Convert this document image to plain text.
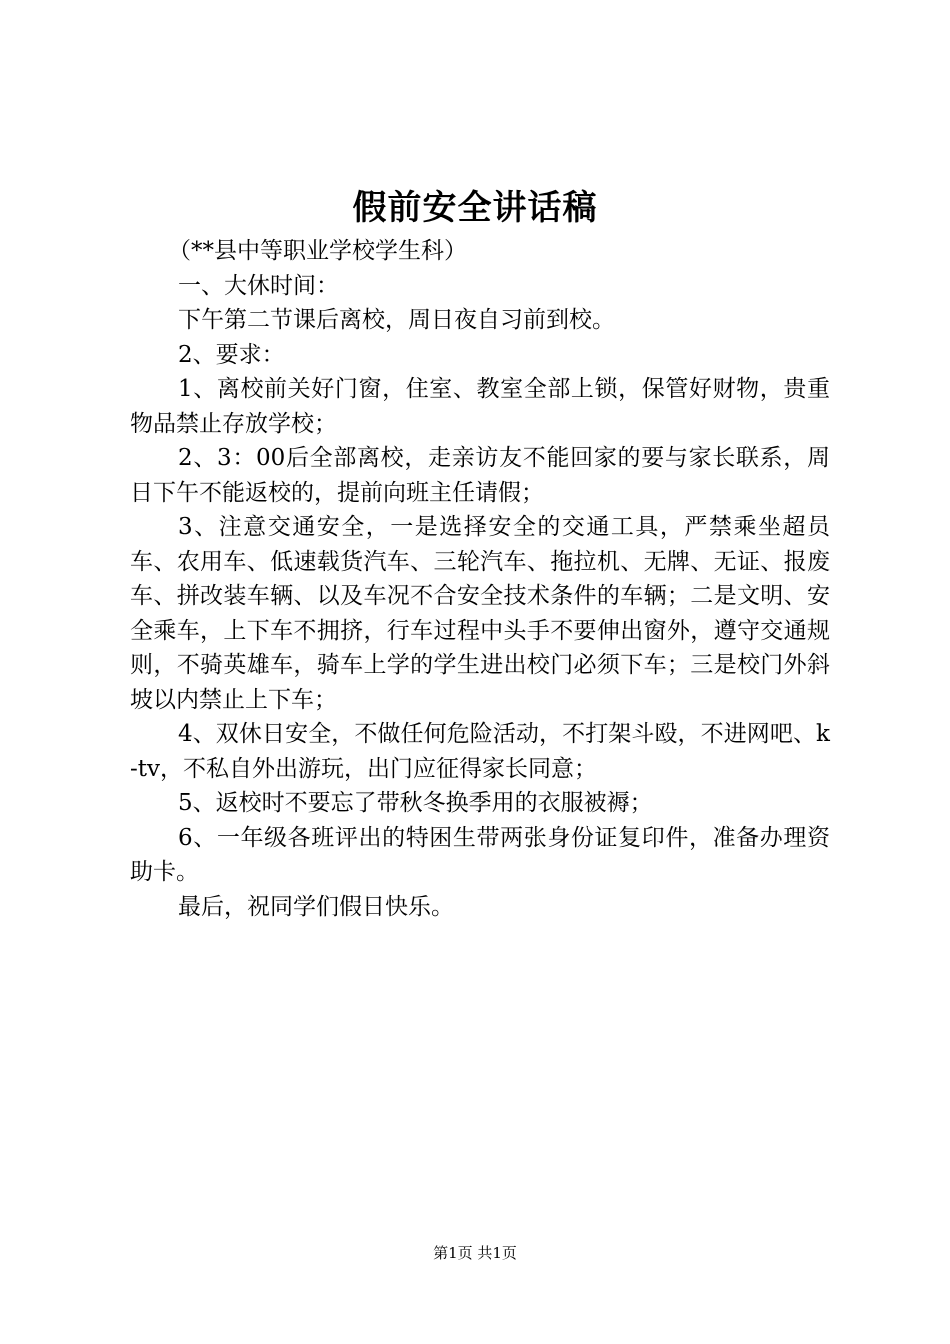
假前安全讲话稿

（**县中等职业学校学生科）

一、大休时间：

下午第二节课后离校，周日夜自习前到校。

2、要求：

1、离校前关好门窗，住室、教室全部上锁，保管好财物，贵重物品禁止存放学校；

2、3：00后全部离校，走亲访友不能回家的要与家长联系，周日下午不能返校的，提前向班主任请假；

3、注意交通安全，一是选择安全的交通工具，严禁乘坐超员车、农用车、低速载货汽车、三轮汽车、拖拉机、无牌、无证、报废车、拼改装车辆、以及车况不合安全技术条件的车辆；二是文明、安全乘车，上下车不拥挤，行车过程中头手不要伸出窗外，遵守交通规则，不骑英雄车，骑车上学的学生进出校门必须下车；三是校门外斜坡以内禁止上下车；

4、双休日安全，不做任何危险活动，不打架斗殴，不进网吧、k-tv，不私自外出游玩，出门应征得家长同意；

5、返校时不要忘了带秋冬换季用的衣服被褥；

6、一年级各班评出的特困生带两张身份证复印件，准备办理资助卡。

最后，祝同学们假日快乐。

第1页 共1页
